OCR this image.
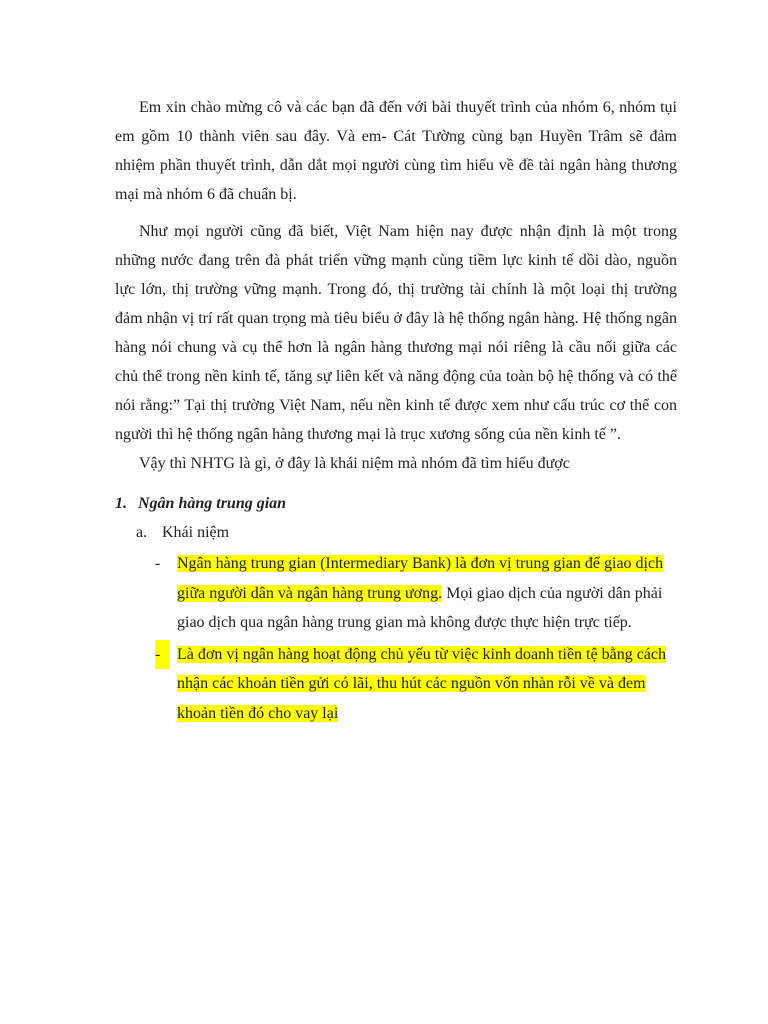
Em xin chào mừng cô và các bạn đã đến với bài thuyết trình của nhóm 6, nhóm tụi em gồm 10 thành viên sau đây. Và em- Cát Tường cùng bạn Huyền Trâm sẽ đảm nhiệm phần thuyết trình, dẫn dắt mọi người cùng tìm hiểu về đề tài ngân hàng thương mại mà nhóm 6 đã chuẩn bị.

Như mọi người cũng đã biết, Việt Nam hiện nay được nhận định là một trong những nước đang trên đà phát triển vững mạnh cùng tiềm lực kinh tế dồi dào, nguồn lực lớn, thị trường vững mạnh. Trong đó, thị trường tài chính là một loại thị trường đảm nhận vị trí rất quan trọng mà tiêu biểu ở đây là hệ thống ngân hàng. Hệ thống ngân hàng nói chung và cụ thể hơn là ngân hàng thương mại nói riêng là cầu nối giữa các chủ thể trong nền kinh tế, tăng sự liên kết và năng động của toàn bộ hệ thống và có thể nói rằng:” Tại thị trường Việt Nam, nếu nền kinh tế được xem như cấu trúc cơ thể con người thì hệ thống ngân hàng thương mại là trục xương sống của nền kinh tế ”.

Vậy thì NHTG là gì, ở đây là khái niệm mà nhóm đã tìm hiểu được

1. Ngân hàng trung gian
a. Khái niệm
-	Ngân hàng trung gian (Intermediary Bank) là đơn vị trung gian để giao dịch giữa người dân và ngân hàng trung ương. Mọi giao dịch của người dân phải giao dịch qua ngân hàng trung gian mà không được thực hiện trực tiếp.
-	Là đơn vị ngân hàng hoạt động chủ yếu từ việc kinh doanh tiền tệ bằng cách nhận các khoản tiền gửi có lãi, thu hút các nguồn vốn nhàn rỗi về và đem khoản tiền đó cho vay lại
